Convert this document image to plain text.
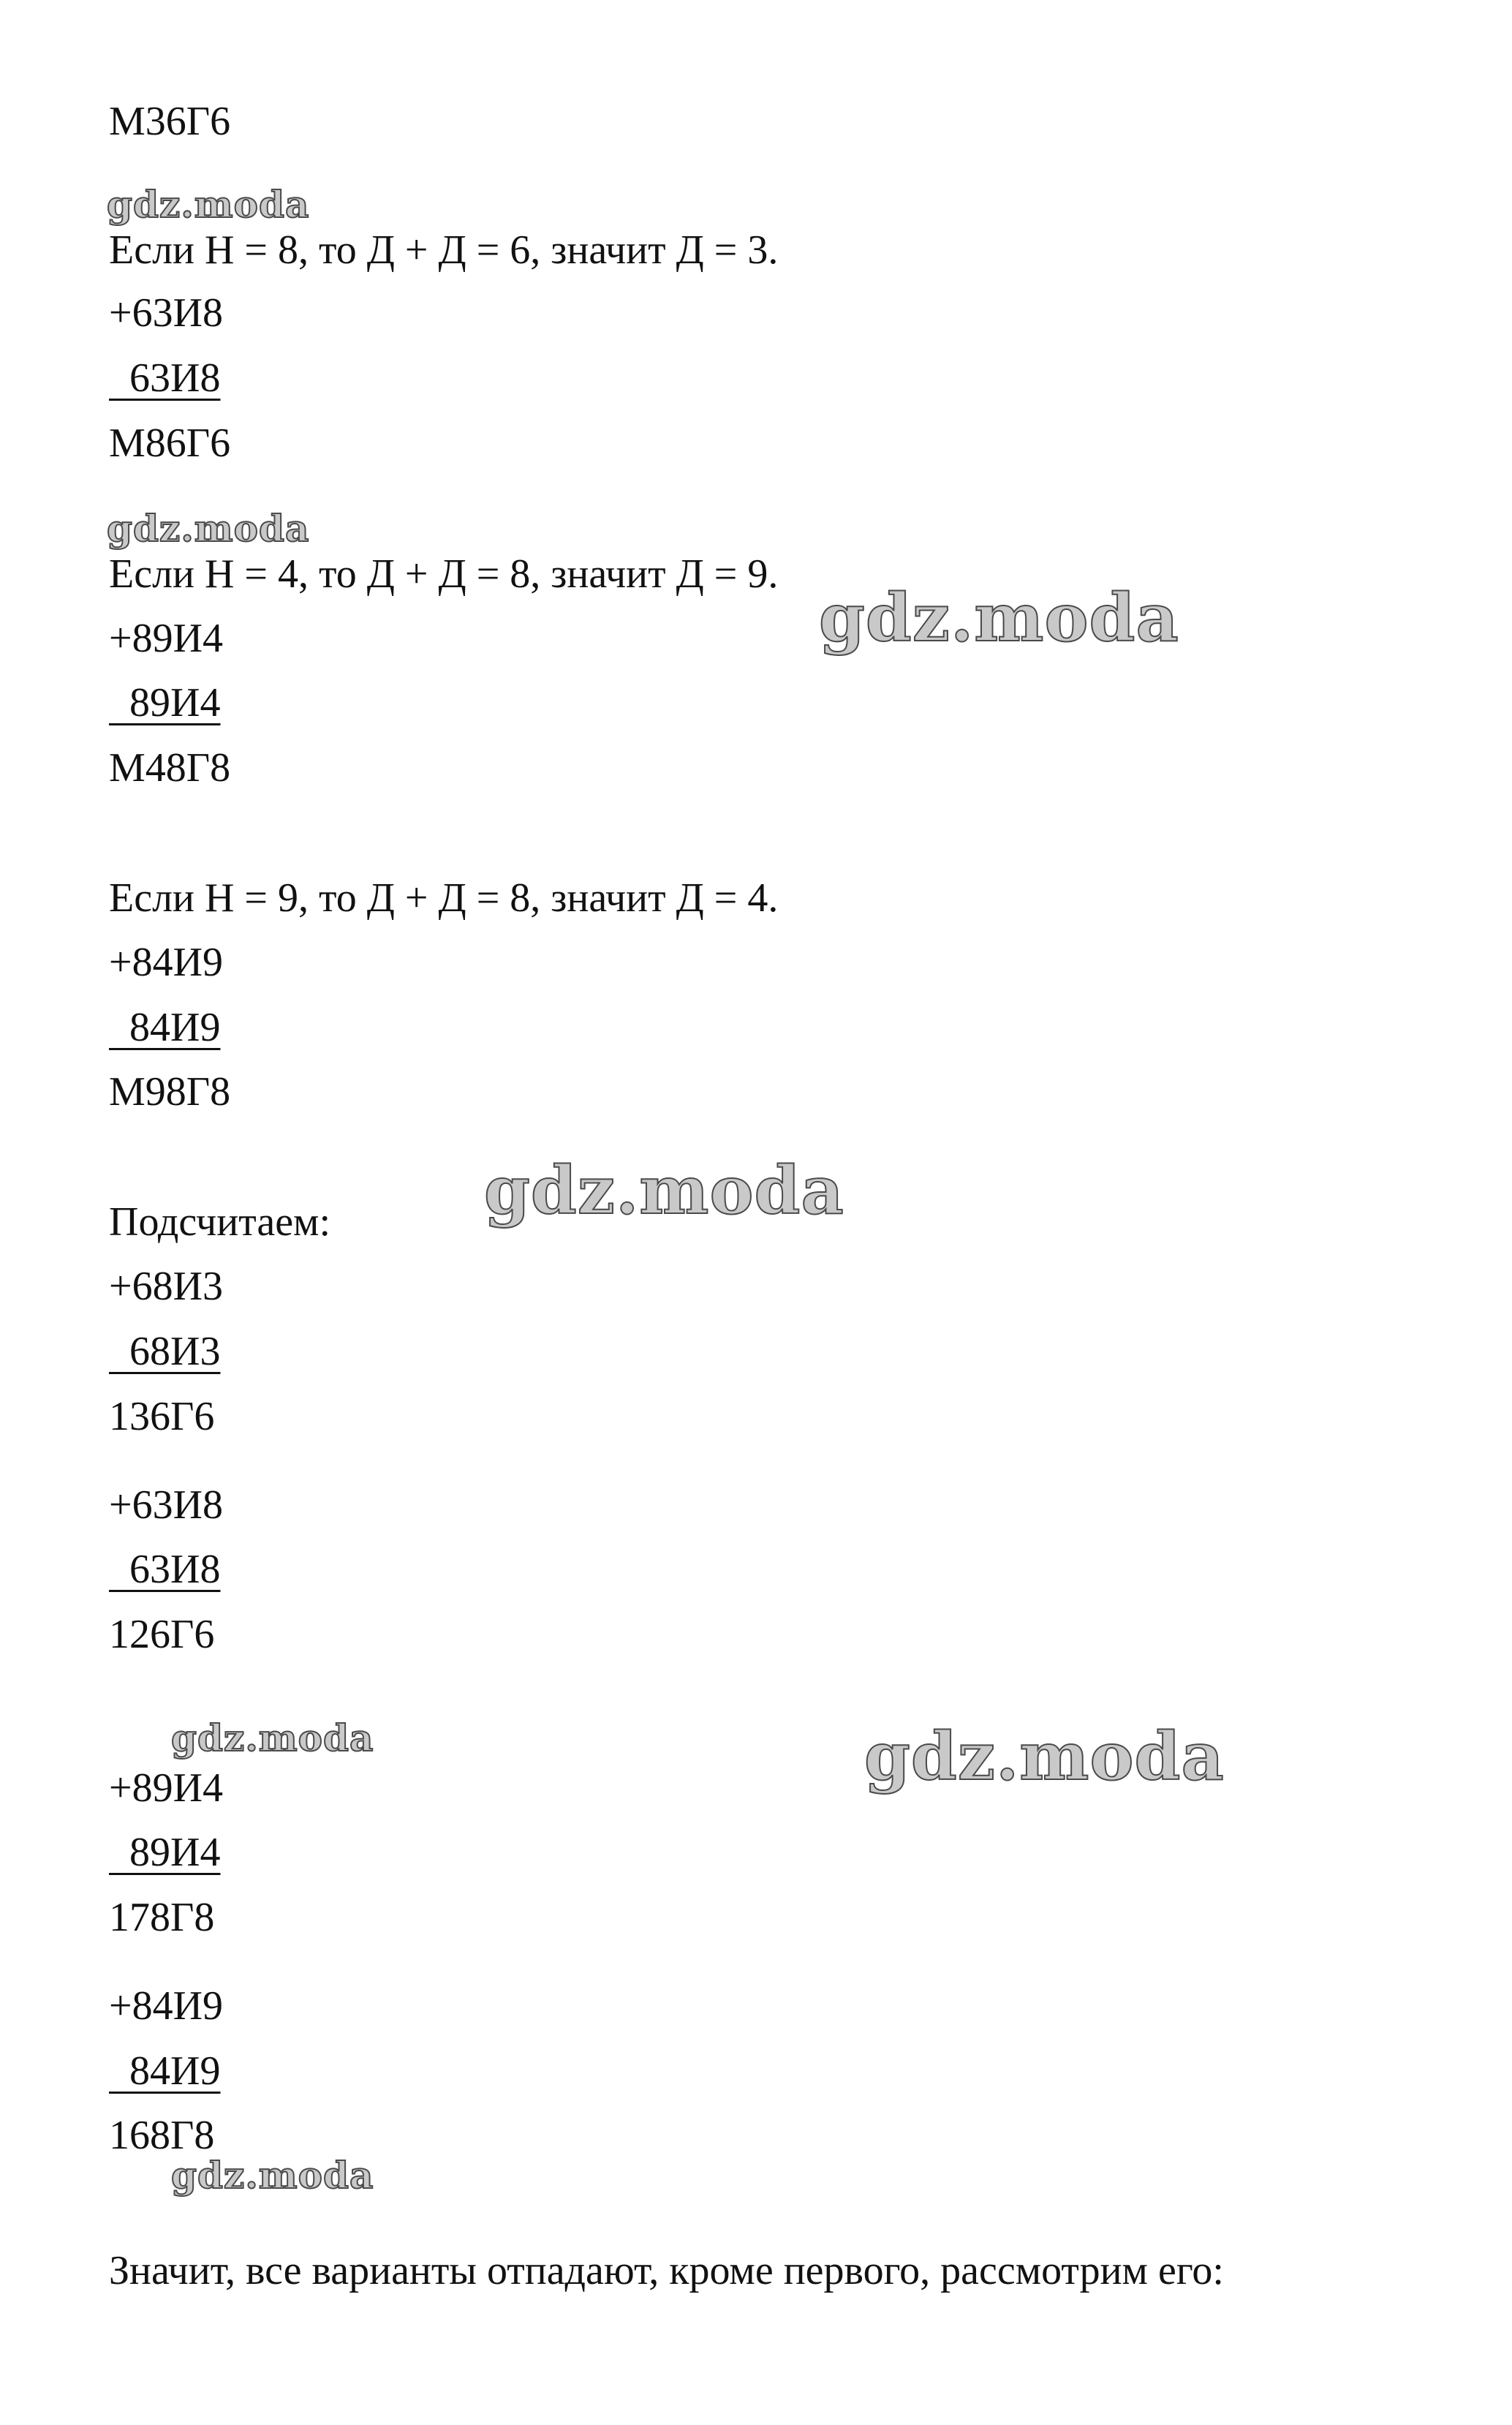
М36Г6
Если Н = 8, то Д + Д = 6, значит Д = 3.
+63И8
63И8
М86Г6
Если Н = 4, то Д + Д = 8, значит Д = 9.
+89И4
89И4
М48Г8
Если Н = 9, то Д + Д = 8, значит Д = 4.
+84И9
84И9
М98Г8
Подсчитаем:
+68И3
68И3
136Г6
+63И8
63И8
126Г6
+89И4
89И4
178Г8
+84И9
84И9
168Г8
Значит, все варианты отпадают, кроме первого, рассмотрим его:
gdz.moda
gdz.moda
gdz.moda
gdz.moda
gdz.moda	gdz.moda
gdz.moda
